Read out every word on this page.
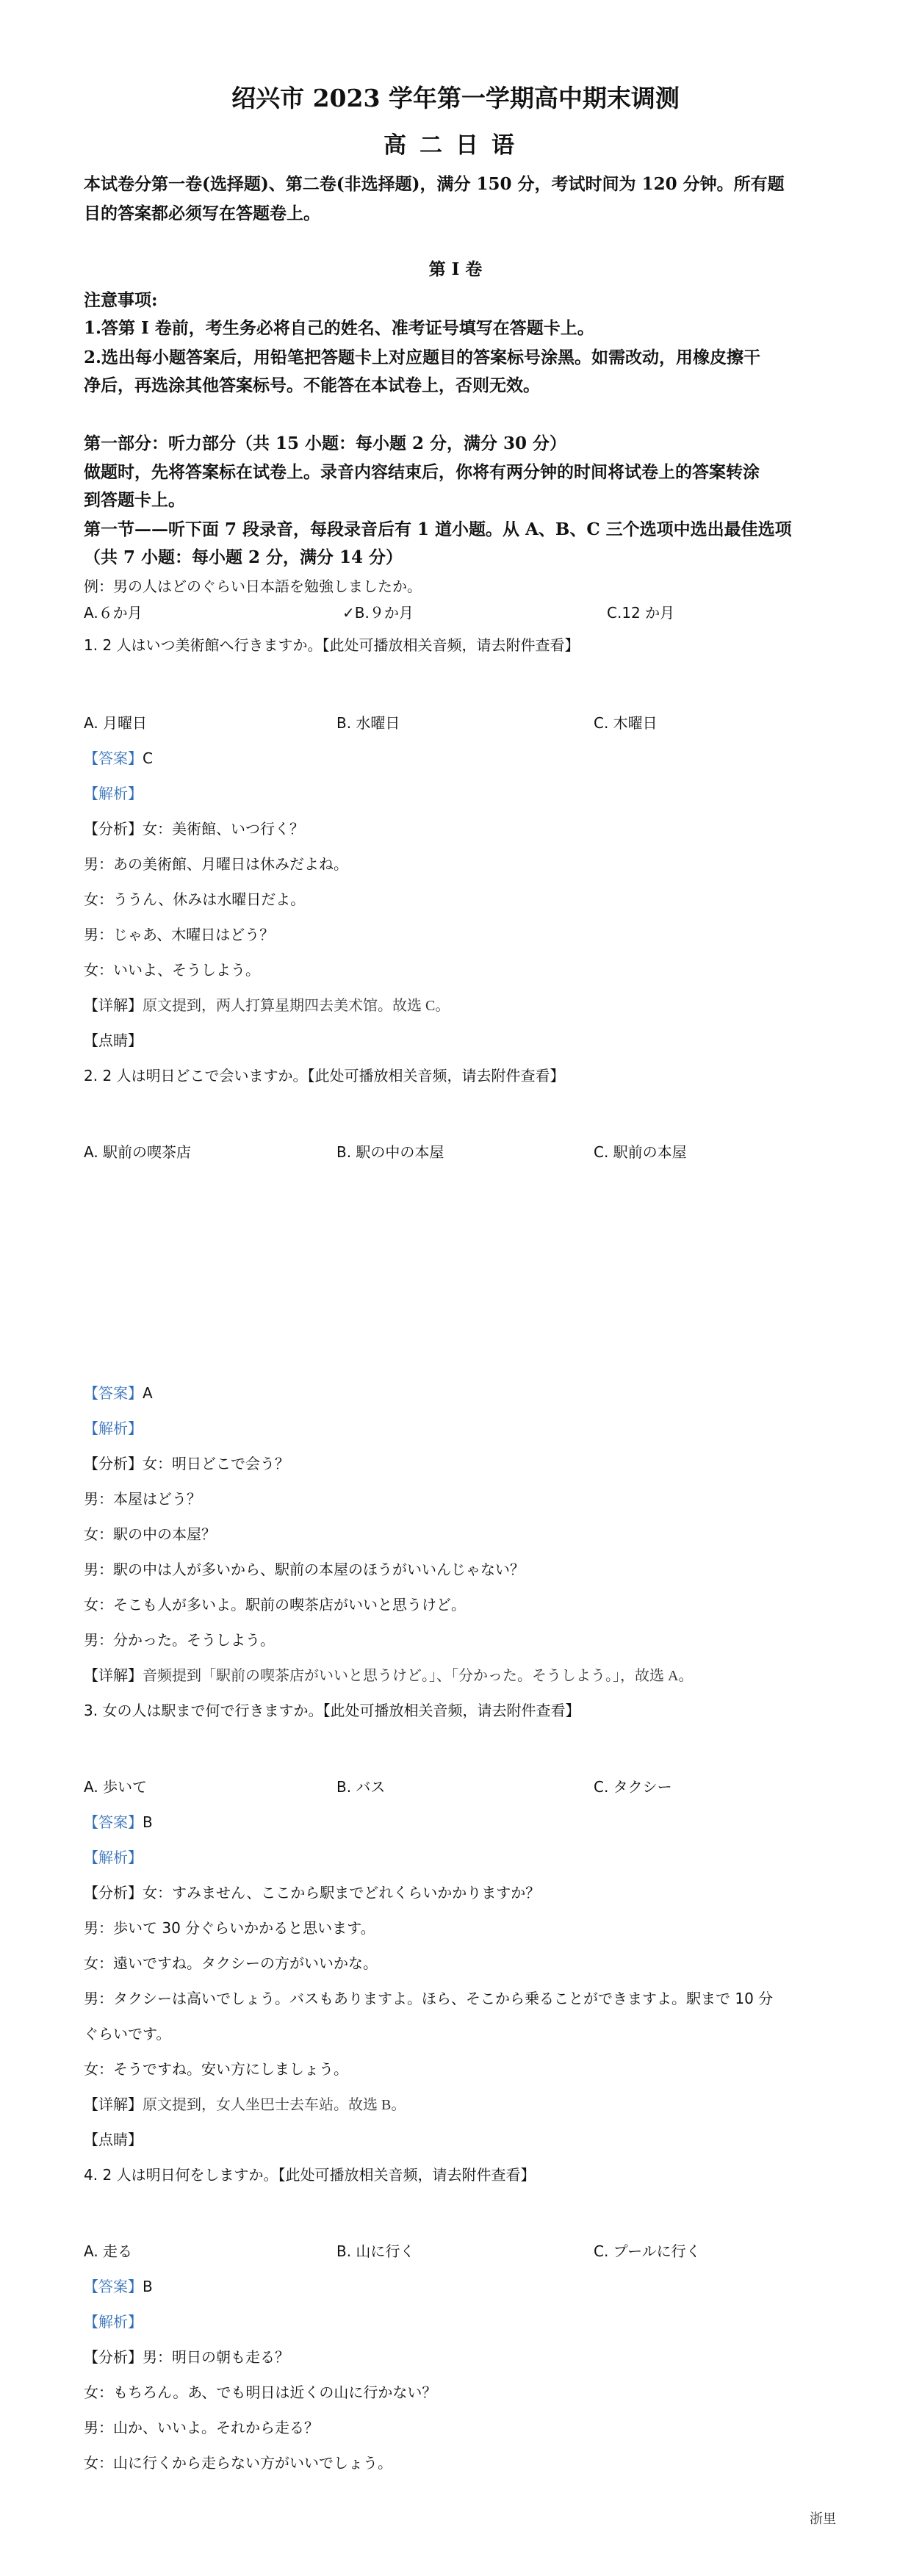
绍兴市 2023 学年第一学期高中期末调测
高二日语
本试卷分第一卷(选择题)、第二卷(非选择题)，满分 150 分，考试时间为 120 分钟。所有题
目的答案都必须写在答题卷上。
第 I 卷
注意事项:
1.答第 I 卷前，考生务必将自己的姓名、准考证号填写在答题卡上。
2.选出每小题答案后，用铅笔把答题卡上对应题目的答案标号涂黑。如需改动，用橡皮擦干
净后，再选涂其他答案标号。不能答在本试卷上，否则无效。
第一部分：听力部分（共 15 小题：每小题 2 分，满分 30 分）
做题时，先将答案标在试卷上。录音内容结束后，你将有两分钟的时间将试卷上的答案转涂
到答题卡上。
第一节——听下面 7 段录音，每段录音后有 1 道小题。从 A、B、C 三个选项中选出最佳选项
（共 7 小题：每小题 2 分，满分 14 分）
例：男の人はどのぐらい日本語を勉強しましたか。
A.６か月	✓B.９か月	C.12 か月
1. 2 人はいつ美術館へ行きますか。【此处可播放相关音频，请去附件查看】
A. 月曜日	B. 水曜日	C. 木曜日
【答案】C
【解析】
【分析】女：美術館、いつ行く？
男：あの美術館、月曜日は休みだよね。
女：ううん、休みは水曜日だよ。
男：じゃあ、木曜日はどう？
女：いいよ、そうしよう。
【详解】原文提到，两人打算星期四去美术馆。故选 C。
【点睛】
2. 2 人は明日どこで会いますか。【此处可播放相关音频，请去附件查看】
A. 駅前の喫茶店	B. 駅の中の本屋	C. 駅前の本屋
【答案】A
【解析】
【分析】女：明日どこで会う？
男：本屋はどう？
女：駅の中の本屋？
男：駅の中は人が多いから、駅前の本屋のほうがいいんじゃない？
女：そこも人が多いよ。駅前の喫茶店がいいと思うけど。
男：分かった。そうしよう。
【详解】音频提到「駅前の喫茶店がいいと思うけど。」、「分かった。そうしよう。」，故选 A。
3. 女の人は駅まで何で行きますか。【此处可播放相关音频，请去附件查看】
A. 歩いて	B. バス	C. タクシー
【答案】B
【解析】
【分析】女：すみません、ここから駅までどれくらいかかりますか？
男：歩いて 30 分ぐらいかかると思います。
女：遠いですね。タクシーの方がいいかな。
男：タクシーは高いでしょう。バスもありますよ。ほら、そこから乗ることができますよ。駅まで 10 分
ぐらいです。
女：そうですね。安い方にしましょう。
【详解】原文提到，女人坐巴士去车站。故选 B。
【点睛】
4. 2 人は明日何をしますか。【此处可播放相关音频，请去附件查看】
A. 走る	B. 山に行く	C. プールに行く
【答案】B
【解析】
【分析】男：明日の朝も走る？
女：もちろん。あ、でも明日は近くの山に行かない？
男：山か、いいよ。それから走る？
女：山に行くから走らない方がいいでしょう。
浙里
